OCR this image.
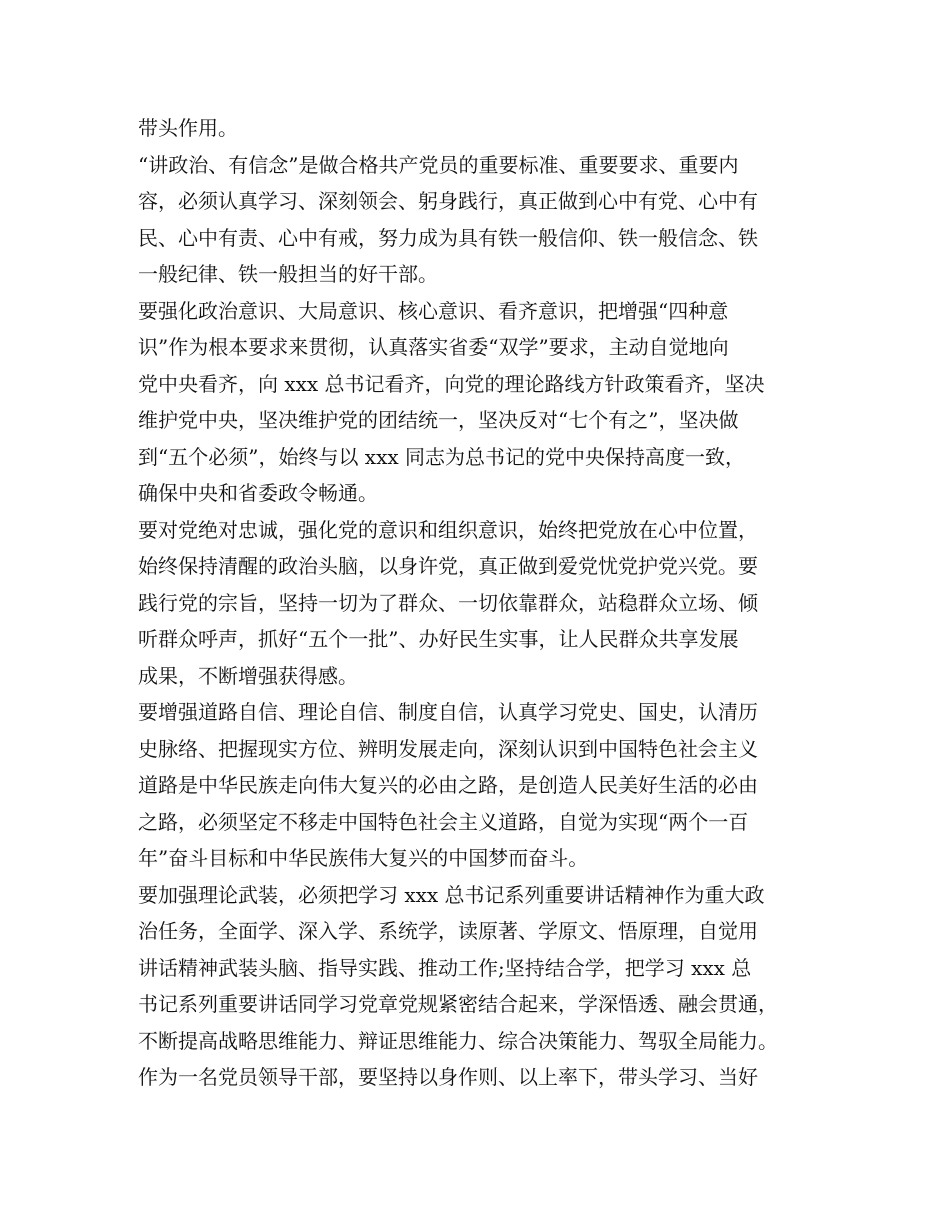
带头作用。
“讲政治、有信念”是做合格共产党员的重要标准、重要要求、重要内
容，必须认真学习、深刻领会、躬身践行，真正做到心中有党、心中有
民、心中有责、心中有戒，努力成为具有铁一般信仰、铁一般信念、铁
一般纪律、铁一般担当的好干部。
要强化政治意识、大局意识、核心意识、看齐意识，把增强“四种意
识”作为根本要求来贯彻，认真落实省委“双学”要求，主动自觉地向
党中央看齐，向 xxx 总书记看齐，向党的理论路线方针政策看齐，坚决
维护党中央，坚决维护党的团结统一，坚决反对“七个有之”，坚决做
到“五个必须”，始终与以 xxx 同志为总书记的党中央保持高度一致，
确保中央和省委政令畅通。
要对党绝对忠诚，强化党的意识和组织意识，始终把党放在心中位置，
始终保持清醒的政治头脑，以身许党，真正做到爱党忧党护党兴党。要
践行党的宗旨，坚持一切为了群众、一切依靠群众，站稳群众立场、倾
听群众呼声，抓好“五个一批”、办好民生实事，让人民群众共享发展
成果，不断增强获得感。
要增强道路自信、理论自信、制度自信，认真学习党史、国史，认清历
史脉络、把握现实方位、辨明发展走向，深刻认识到中国特色社会主义
道路是中华民族走向伟大复兴的必由之路，是创造人民美好生活的必由
之路，必须坚定不移走中国特色社会主义道路，自觉为实现“两个一百
年”奋斗目标和中华民族伟大复兴的中国梦而奋斗。
要加强理论武装，必须把学习 xxx 总书记系列重要讲话精神作为重大政
治任务，全面学、深入学、系统学，读原著、学原文、悟原理，自觉用
讲话精神武装头脑、指导实践、推动工作;坚持结合学，把学习 xxx 总
书记系列重要讲话同学习党章党规紧密结合起来，学深悟透、融会贯通，
不断提高战略思维能力、辩证思维能力、综合决策能力、驾驭全局能力。
作为一名党员领导干部，要坚持以身作则、以上率下，带头学习、当好
